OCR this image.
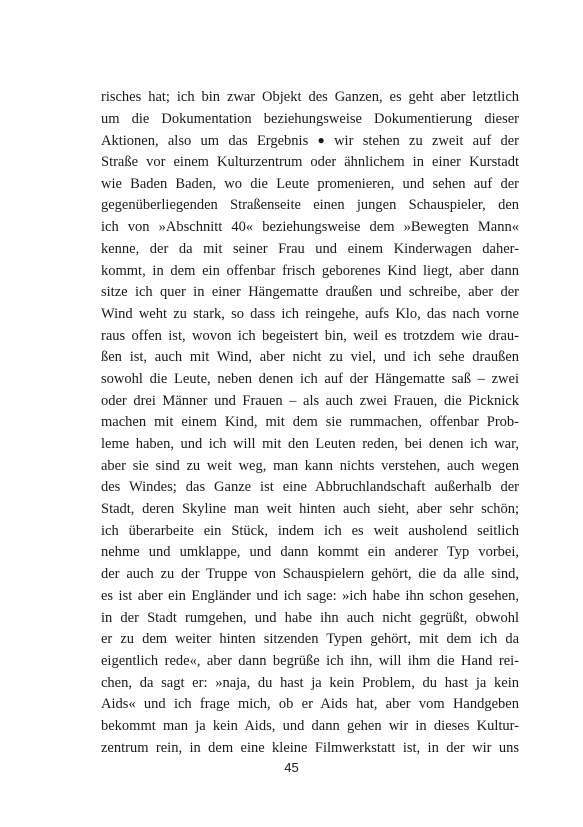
risches hat; ich bin zwar Objekt des Ganzen, es geht aber letztlich
um die Dokumentation beziehungsweise Dokumentierung dieser
Aktionen, also um das Ergebnis ● wir stehen zu zweit auf der
Straße vor einem Kulturzentrum oder ähnlichem in einer Kurstadt
wie Baden Baden, wo die Leute promenieren, und sehen auf der
gegenüberliegenden Straßenseite einen jungen Schauspieler, den
ich von »Abschnitt 40« beziehungsweise dem »Bewegten Mann«
kenne, der da mit seiner Frau und einem Kinderwagen daher-
kommt, in dem ein offenbar frisch geborenes Kind liegt, aber dann
sitze ich quer in einer Hängematte draußen und schreibe, aber der
Wind weht zu stark, so dass ich reingehe, aufs Klo, das nach vorne
raus offen ist, wovon ich begeistert bin, weil es trotzdem wie drau-
ßen ist, auch mit Wind, aber nicht zu viel, und ich sehe draußen
sowohl die Leute, neben denen ich auf der Hängematte saß – zwei
oder drei Männer und Frauen – als auch zwei Frauen, die Picknick
machen mit einem Kind, mit dem sie rummachen, offenbar Prob-
leme haben, und ich will mit den Leuten reden, bei denen ich war,
aber sie sind zu weit weg, man kann nichts verstehen, auch wegen
des Windes; das Ganze ist eine Abbruchlandschaft außerhalb der
Stadt, deren Skyline man weit hinten auch sieht, aber sehr schön;
ich überarbeite ein Stück, indem ich es weit ausholend seitlich
nehme und umklappe, und dann kommt ein anderer Typ vorbei,
der auch zu der Truppe von Schauspielern gehört, die da alle sind,
es ist aber ein Engländer und ich sage: »ich habe ihn schon gesehen,
in der Stadt rumgehen, und habe ihn auch nicht gegrüßt, obwohl
er zu dem weiter hinten sitzenden Typen gehört, mit dem ich da
eigentlich rede«, aber dann begrüße ich ihn, will ihm die Hand rei-
chen, da sagt er: »naja, du hast ja kein Problem, du hast ja kein
Aids« und ich frage mich, ob er Aids hat, aber vom Handgeben
bekommt man ja kein Aids, und dann gehen wir in dieses Kultur-
zentrum rein, in dem eine kleine Filmwerkstatt ist, in der wir uns
45
